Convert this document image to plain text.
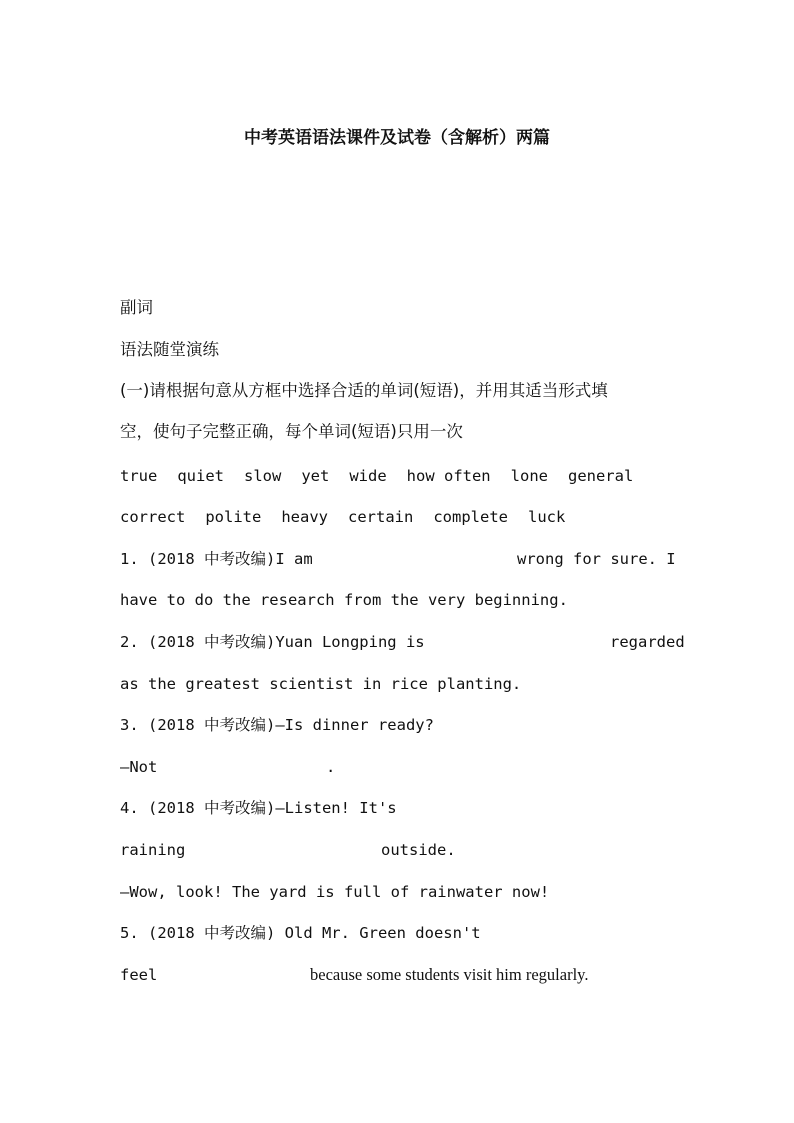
中考英语语法课件及试卷（含解析）两篇
副词
语法随堂演练
(一)请根据句意从方框中选择合适的单词(短语)，并用其适当形式填
空，使句子完整正确，每个单词(短语)只用一次
true quiet slow yet wide how often lone general
correct polite heavy certain complete luck
1. (2018 中考改编)I am	wrong for sure. I
have to do the research from the very beginning.
2. (2018 中考改编)Yuan Longping is	regarded
as the greatest scientist in rice planting.
3. (2018 中考改编)—Is dinner ready?
—Not	.
4. (2018 中考改编)—Listen! It's
raining	outside.
—Wow, look! The yard is full of rainwater now!
5. (2018 中考改编) Old Mr. Green doesn't
feel	because some students visit him regularly.
